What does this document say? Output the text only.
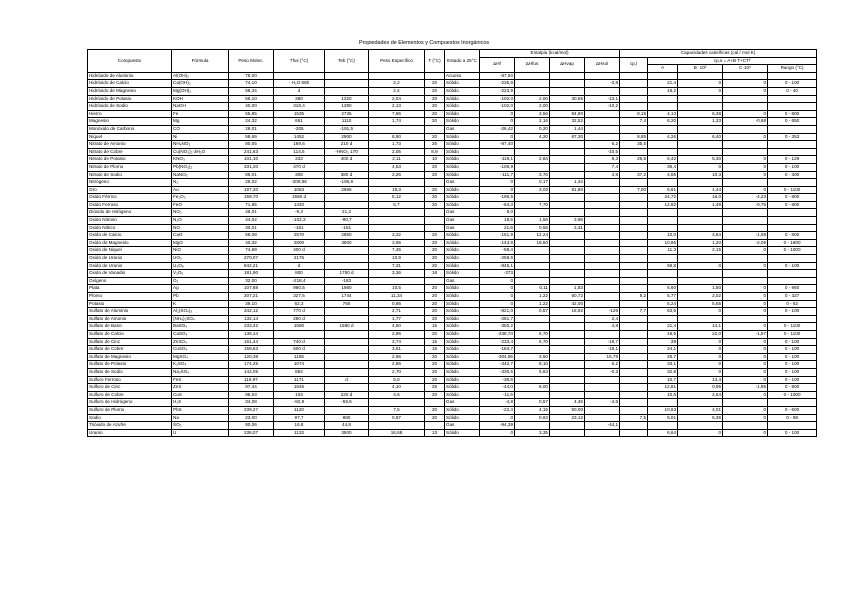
Propiedades de Elementos y Compuestos Inorgánicos
Compuesto	Fórmula	Peso Molec.	Tfus (°C)	Teb (°C)	Peso Específico	T (°C)	Estado a 25°C	Entalpía (kcal/mol)				Capacidades caloríficas (cal / mol K)				
								ΔHf	ΔHfus	ΔHvap	ΔHsol	cp,l	cp,s = A+B T+CT²			
													A	B ·10³	C·10⁵	Rango (°C)
Hidróxido de Aluminio	Al(OH)₃	78,00					Acuoso	-87,50								
Hidróxido de Calcio	Ca(OH)₂	74,10	- H₂O 580		2,2	20	Sólido	-235,8			-3,8		21,4	0	0	0 - 100
Hidróxido de Magnesio	Mg(OH)₂	58,34	d		2,4	20	Sólido	-223,9					18,2	0	0	0 - 40
Hidróxido de Potasio	KOH	56,10	380	1320	2,04	20	Sólido	-102,0	2,00	30,85	-13,1					
Hidróxido de Sodio	NaOH	40,00	318,4	1390	2,13	20	Sólido	-102,0	2,00		-10,2					
Hierro	Fe	55,85	1535	2735	7,86	20	Sólido	0	3,56	84,80		8,15	4,13	6,38	0	0 - 800
Magnesio	Mg	24,32	651	1110	1,74	20	Sólido	0	2,16	32,52		7,4	6,20	1,33	-0,68	0 - 650
Monóxido de Carbono	CO	28,01	-205	-191,5			Gas	-26,42	0,20	1,44						
Niquel	Ni	58,69	1452	2900	8,90	20	Sólido	0	4,20	87,30		8,85	4,26	6,40	0	0 - 353
Nitrato de Amonio	NH₄NO₃	80,05	169,6	210 d	1,73	25	Sólido	-87,40			6,2	35,5				
Nitrato de Cobre	Cu(NO₃)₂·3H₂O	241,63	114,5	-HNO₃ 170	2,05	8,9	Sólido				-10,5					
Nitrato de Potasio	KNO₃	101,10	333	400 d	2,11	10	Sólido	-118,1	2,84		8,3	29,5	6,42	5,30	0	0 - 129
Nitrato de Plomo	Pb(NO₃)₂	331,20	470 d		4,53	20	Sólido	-106,9			7,4		36,4	0	0	0 - 100
Nitrato de Sodio	NaNO₃	85,01	308	380 d	2,26	20	Sólido	-111,7	3,76		4,8	37,2	4,56	10,3	0	0 - 300
Nitrógeno	N₂	28,02	-209,86	-195,8			Gas	0	0,17	1,34						
Oro	Au	197,20	1063	2966	19,3	20	Sólido	0	3,03	81,80		7,00	5,61	1,44	0	0 - 1100
Oxido Férrico	Fe₂O₃	159,70	1560 d		5,12	20	Sólido	-196,5					24,72	16,0	-4,23	0 - 800
Oxido Ferroso	FeO	71,85	1420		5,7	20	Sólido	-64,3	7,70				12,62	1,49	-0,76	0 - 800
Dióxido de nitrógeno	NO₂	46,01	-9,3	21,3			Gas	8,0								
Oxido Nitroso	N₂O	44,02	-102,3	-90,7			Gas	19,5	1,56	3,95						
Oxido Nitrico	NO	30,01	-161	-151			Gas	21,6	0,55	3,31						
Oxido de Calcio	CaO	56,08	2570	2850	3,32	20	Sólido	-151,9	12,24				10,0	4,84	-1,08	0 - 800
Oxido de Magnesio	MgO	40,32	2800	3600	3,65	20	Sólido	-143,8	18,50				10,86	1,20	-2,09	0 - 1800
Oxido de Niquel	NiO	74,69	400 d		7,45	20	Sólido	-58,4					11,3	2,15	0	0 - 1000
Oxido de Uranio	UO₃	270,07	2176		10,9	20	Sólido	-259,6								
Oxido de Uranio	U₃O₈	842,21	d		7,31	20	Sólido	-845,1					58,8	0	0	0 - 100
Oxido de Vanadio	V₂O₅	181,90	800	1750 d	3,36	18	Sólido	-373								
Oxígeno	O₂	32,00	-218,4	-183			Gas	0								
Plata	Ag	107,88	960,5	1950	10,5	20	Sólido	0	0,11	1,83			5,60	1,50	0	0 - 960
Plomo	Pb	207,21	327,5	1744	11,34	20	Sólido	0	1,22	60,72		8,2	5,77	2,02	0	0 - 327
Potasio	K	39,10	62,3	760	0,86	20	Sólido	0	1,22	42,00			5,24	5,55	0	0 - 62
Sulfato de Aluminio	Al₂(SO₄)₃	342,12	770 d		2,71	20	Sólido	-821,0	0,57	18,92	-126	7,7	63,5	0	0	0 - 100
Sulfato de Amonio	(NH₄)₂SO₄	132,14	280 d		1,77	20	Sólido	-281,7			2,4					
Sulfato de Bario	BaSO₄	233,42	1580	1580 d	4,50	15	Sólido	-350,2			4,8		21,4	14,1	0	0 - 1100
Sulfato de Calcio	CaSO₄	136,14			2,96	20	Sólido	-338,74	6,70				18,5	22,0	-1,57	0 - 1100
Sulfato de Cinc	ZnSO₄	161,44	740 d		3,74	15	Sólido	-233,4	6,70		-18,7		28	0	0	0 - 100
Sulfato de Cobre	CuSO₄	159,63	600 d		3,61	15	Sólido	-184,7			-18,1		24,1	0	0	0 - 100
Sulfato de Magnesio	MgSO₄	120,38	1185		2,66	20	Sólido	-304,95	3,50		15,78		26,7	0	0	0 - 100
Sulfato de Potasio	K₂SO₄	174,25	1074		2,66	20	Sólido	-342,7	8,10		6,2		33,1	0	0	0 - 100
Sulfato de Sodio	Na₂SO₄	142,05	884		2,70	20	Sólido	-330,5	5,83		-0,3		32,8	0	0	0 - 100
Sulfuro Ferroso	FeS	119,97	1171	d	5,0	20	Sólido	-38,6					10,7	13,4	0	0 - 100
Sulfuro de Cinc	ZnS	97,44	1645		4,10	25	Sólido	-44,0	8,00				12,81	0,95	-1,95	0 - 900
Sulfuro de Cobre	CuS	95,63	103	220 d	4,6	20	Sólido	-11,6					10,6	2,64	0	0 - 1000
Sulfuro de Hidrógeno	H₂S	34,08	-82,9	-59,6			Gas	-4,8	0,57	4,46	-4,6					
Sulfuro de Plomo	PbS	239,27	1120		7,5	20	Sólido	-22,4	4,15	50,00			10,63	4,01	0	0 - 600
Sodio	Na	23,00	97,7	880	0,97	20	Sólido	0	0,63	23,12		7,5	5,01	5,36	0	0 - 98
Trióxido de Azufre	SO₃	80,06	16,8	44,8			Gas	-94,39			-44,1					
Uranio	U	238,07	1133	3500	18,68	13	Sólido	0	3,35				6,64	0	0	0 - 100
